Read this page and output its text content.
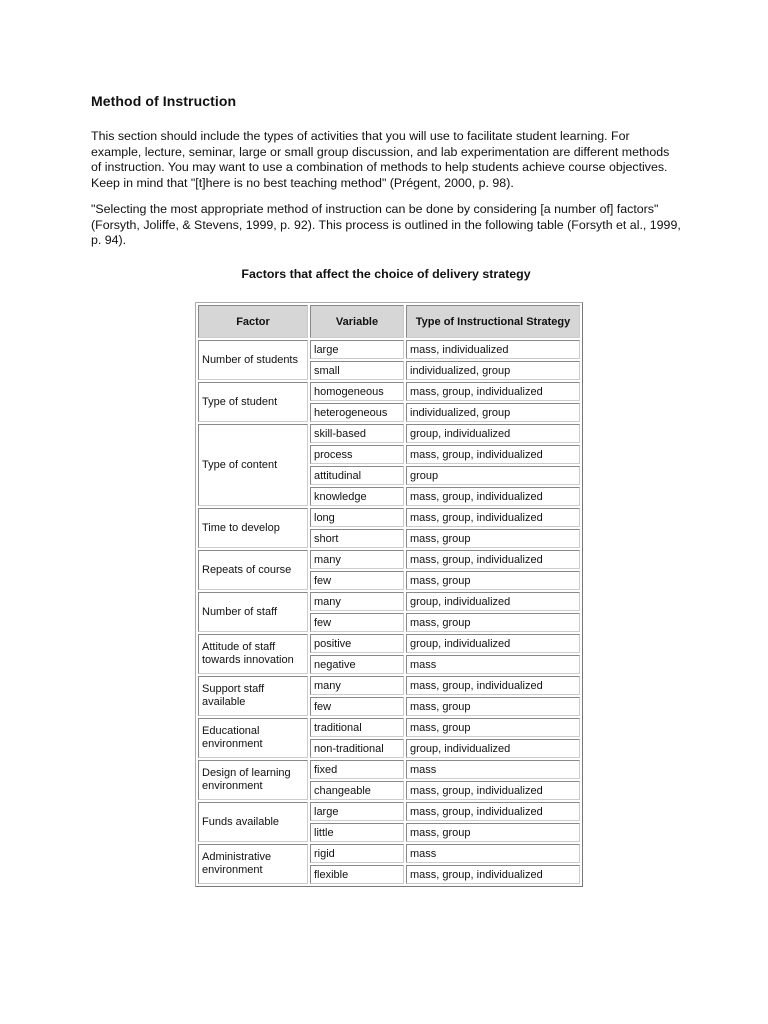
Method of Instruction

This section should include the types of activities that you will use to facilitate student learning. For example, lecture, seminar, large or small group discussion, and lab experimentation are different methods of instruction. You may want to use a combination of methods to help students achieve course objectives. Keep in mind that "[t]here is no best teaching method" (Prégent, 2000, p. 98).

"Selecting the most appropriate method of instruction can be done by considering [a number of] factors" (Forsyth, Joliffe, & Stevens, 1999, p. 92). This process is outlined in the following table (Forsyth et al., 1999, p. 94).

Factors that affect the choice of delivery strategy
Factor	Variable	Type of Instructional Strategy
Number of students	large	mass, individualized
	small	individualized, group
Type of student	homogeneous	mass, group, individualized
	heterogeneous	individualized, group
Type of content	skill-based	group, individualized
	process	mass, group, individualized
	attitudinal	group
	knowledge	mass, group, individualized
Time to develop	long	mass, group, individualized
	short	mass, group
Repeats of course	many	mass, group, individualized
	few	mass, group
Number of staff	many	group, individualized
	few	mass, group
Attitude of staff towards innovation	positive	group, individualized
	negative	mass
Support staff available	many	mass, group, individualized
	few	mass, group
Educational environment	traditional	mass, group
	non-traditional	group, individualized
Design of learning environment	fixed	mass
	changeable	mass, group, individualized
Funds available	large	mass, group, individualized
	little	mass, group
Administrative environment	rigid	mass
	flexible	mass, group, individualized
